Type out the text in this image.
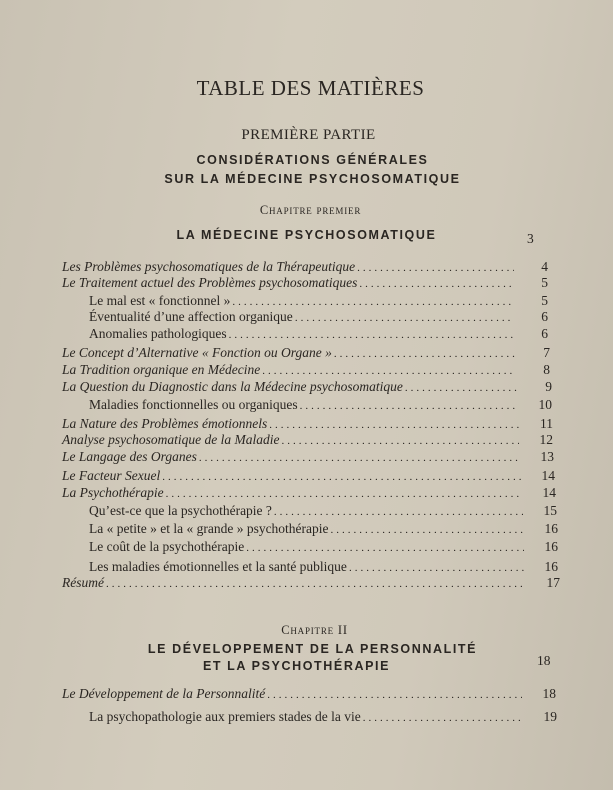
TABLE DES MATIÈRES
PREMIÈRE PARTIE
CONSIDÉRATIONS GÉNÉRALES
SUR LA MÉDECINE PSYCHOSOMATIQUE
Chapitre premier
LA MÉDECINE PSYCHOSOMATIQUE	3
Chapitre II
LE DÉVELOPPEMENT DE LA PERSONNALITÉ
ET LA PSYCHOTHÉRAPIE	18
Les Problèmes psychosomatiques de la Thérapeutique .....	4
Le Traitement actuel des Problèmes psychosomatiques .....	5
Le mal est « fonctionnel » .....	5
Éventualité d’une affection organique .....	6
Anomalies pathologiques .....	6
Le Concept d’Alternative « Fonction ou Organe » .....	7
La Tradition organique en Médecine .....	8
La Question du Diagnostic dans la Médecine psychosomatique .....	9
Maladies fonctionnelles ou organiques .....	10
La Nature des Problèmes émotionnels .....	11
Analyse psychosomatique de la Maladie .....	12
Le Langage des Organes .....	13
Le Facteur Sexuel .....	14
La Psychothérapie .....	14
Qu’est-ce que la psychothérapie ? .....	15
La « petite » et la « grande » psychothérapie .....	16
Le coût de la psychothérapie .....	16
Les maladies émotionnelles et la santé publique .....	16
Résumé .....	17
Le Développement de la Personnalité .....	18
La psychopathologie aux premiers stades de la vie .....	19
